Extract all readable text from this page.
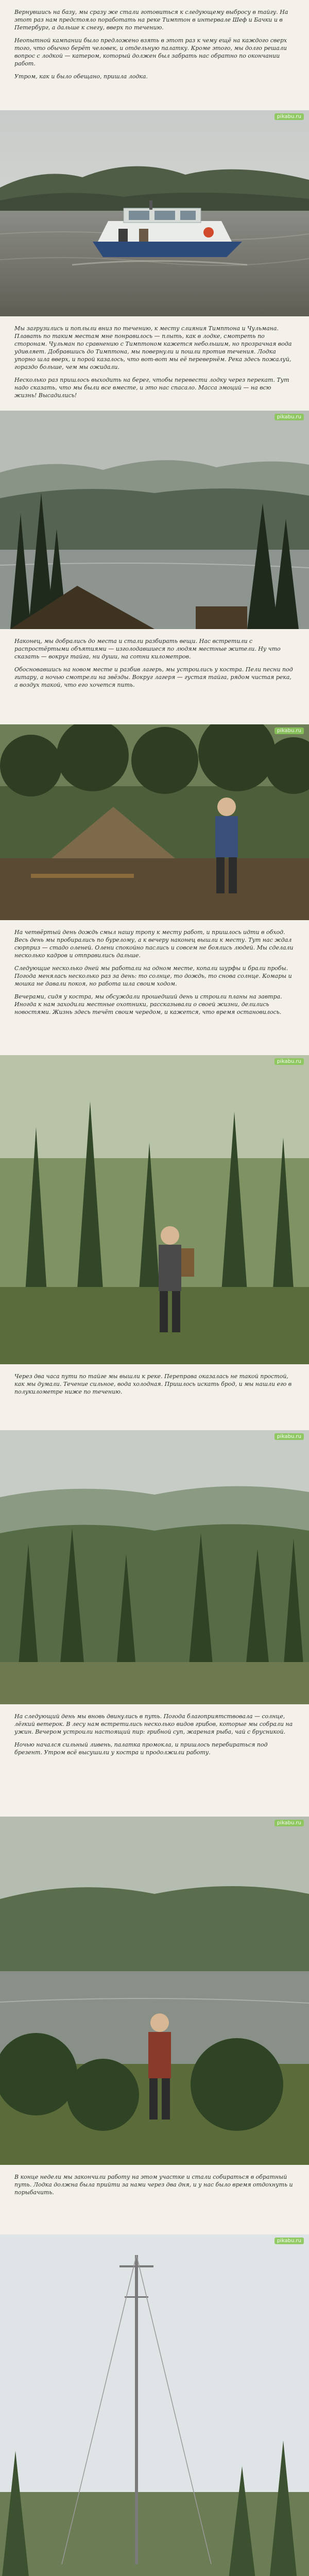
Вернувшись на базу, мы сразу же стали готовиться к следующему выбросу в тайгу. На этот раз нам предстояло поработать на реке Тимптон в интервале Шеф и Бачки и в Петербург, а дальше к снегу, вверх по течению.

Неопытной кампании было предложено взять в этот раз к чему ещё на каждого сверх того, что обычно берёт человек, и отдельную палатку. Кроме этого, мы долго решали вопрос с лодкой — катером, который должен был забрать нас обратно по окончании работ.

Утром, как и было обещано, пришла лодка.

pikabu.ru

Мы загрузились и поплыли вниз по течению, к месту слияния Тимптона и Чульмана. Плавать по таким местам мне понравилось — плыть, как в лодке, смотреть по сторонам. Чульман по сравнению с Тимптоном кажется небольшим, но прозрачная вода удивляет. Добравшись до Тимптона, мы повернули и пошли против течения. Лодка упорно шла вверх, и порой казалось, что вот-вот мы её перевернём. Река здесь пожалуй, гораздо больше, чем мы ожидали.

Несколько раз пришлось выходить на берег, чтобы перевести лодку через перекат. Тут надо сказать, что мы были все вместе, и это нас спасало. Масса эмоций — на всю жизнь! Высадились!

pikabu.ru

Наконец, мы добрались до места и стали разбирать вещи. Нас встретили с распростёртыми объятиями — изголодавшиеся по людям местные жители. Ну что сказать — вокруг тайга, ни души, на сотни километров.

Обосновавшись на новом месте и разбив лагерь, мы устроились у костра. Пели песни под гитару, а ночью смотрели на звёзды. Вокруг лагеря — густая тайга, рядом чистая река, а воздух такой, что его хочется пить.

pikabu.ru

На четвёртый день дождь смыл нашу тропу к месту работ, и пришлось идти в обход. Весь день мы пробирались по бурелому, а к вечеру наконец вышли к месту. Тут нас ждал сюрприз — стадо оленей. Олени спокойно паслись и совсем не боялись людей. Мы сделали несколько кадров и отправились дальше.

Следующие несколько дней мы работали на одном месте, копали шурфы и брали пробы. Погода менялась несколько раз за день: то солнце, то дождь, то снова солнце. Комары и мошка не давали покоя, но работа шла своим ходом.

Вечерами, сидя у костра, мы обсуждали прошедший день и строили планы на завтра. Иногда к нам заходили местные охотники, рассказывали о своей жизни, делились новостями. Жизнь здесь течёт своим чередом, и кажется, что время остановилось.

pikabu.ru

Через два часа пути по тайге мы вышли к реке. Переправа оказалась не такой простой, как мы думали. Течение сильное, вода холодная. Пришлось искать брод, и мы нашли его в полукилометре ниже по течению.

pikabu.ru

На следующий день мы вновь двинулись в путь. Погода благоприятствовала — солнце, лёгкий ветерок. В лесу нам встретились несколько видов грибов, которые мы собрали на ужин. Вечером устроили настоящий пир: грибной суп, жареная рыба, чай с брусникой.

Ночью начался сильный ливень, палатка промокла, и пришлось перебираться под брезент. Утром всё высушили у костра и продолжили работу.

pikabu.ru

В конце недели мы закончили работу на этом участке и стали собираться в обратный путь. Лодка должна была прийти за нами через два дня, и у нас было время отдохнуть и порыбачить.

pikabu.ru
